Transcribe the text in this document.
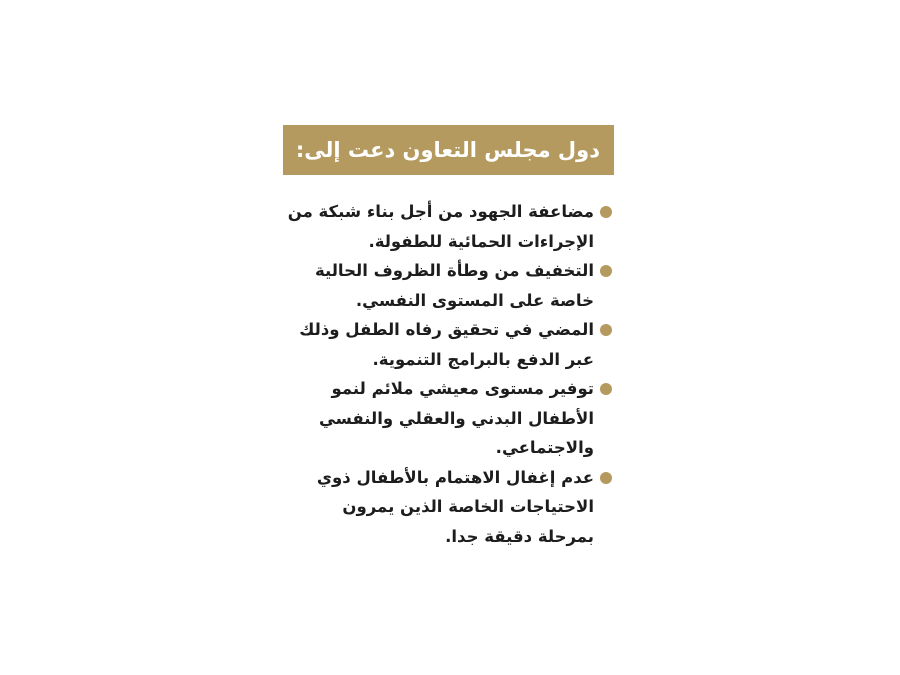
دول مجلس التعاون دعت إلى:
مضاعفة الجهود من أجل بناء شبكة من الإجراءات الحمائية للطفولة.
التخفيف من وطأة الظروف الحالية خاصة على المستوى النفسي.
المضي في تحقيق رفاه الطفل وذلك عبر الدفع بالبرامج التنموية.
توفير مستوى معيشي ملائم لنمو الأطفال البدني والعقلي والنفسي والاجتماعي.
عدم إغفال الاهتمام بالأطفال ذوي الاحتياجات الخاصة الذين يمرون بمرحلة دقيقة جدا.
